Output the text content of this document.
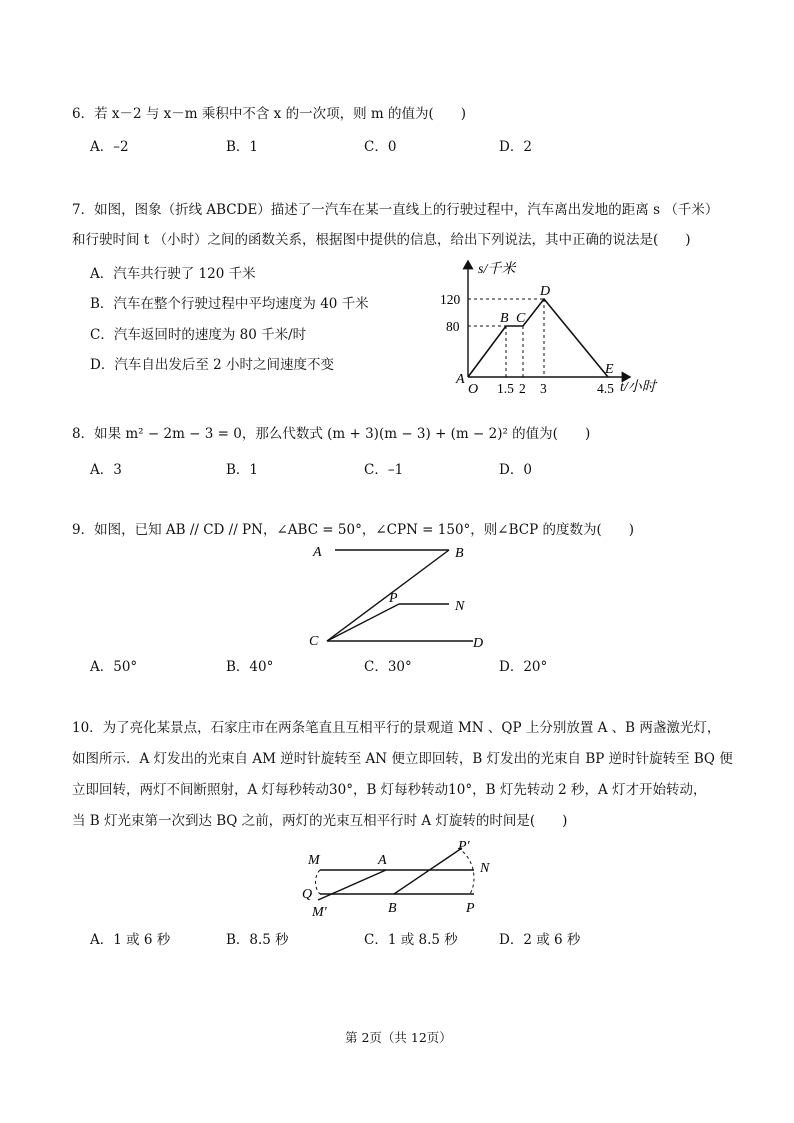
6．若 x－2 与 x－m 乘积中不含 x 的一次项，则 m 的值为(　　)
A．–2	B．1	C．0	D．2
7．如图，图象（折线 ABCDE）描述了一汽车在某一直线上的行驶过程中，汽车离出发地的距离 s （千米）
和行驶时间 t （小时）之间的函数关系，根据图中提供的信息，给出下列说法，其中正确的说法是(　　)
A．汽车共行驶了 120 千米
B．汽车在整个行驶过程中平均速度为 40 千米
C．汽车返回时的速度为 80 千米/时
D．汽车自出发后至 2 小时之间速度不变
s/千米
t/小时
120
80
1.5 2 3	4.5
O
A
B C
D
E
8．如果 m² − 2m − 3 = 0，那么代数式 (m + 3)(m − 3) + (m − 2)² 的值为(　　)
A．3	B．1	C．–1	D．0
9．如图，已知 AB // CD // PN，∠ABC = 50°，∠CPN = 150°，则∠BCP 的度数为(　　)
A	B
P
N
C	D
A．50°	B．40°	C．30°	D．20°
10．为了亮化某景点，石家庄市在两条笔直且互相平行的景观道 MN 、QP 上分别放置 A 、B 两盏激光灯，
如图所示．A 灯发出的光束自 AM 逆时针旋转至 AN 便立即回转，B 灯发出的光束自 BP 逆时针旋转至 BQ 便
立即回转，两灯不间断照射，A 灯每秒转动30°，B 灯每秒转动10°，B 灯先转动 2 秒，A 灯才开始转动，
当 B 灯光束第一次到达 BQ 之前，两灯的光束互相平行时 A 灯旋转的时间是(　　)
M	A
P′
N
Q
M′	B	P
A．1 或 6 秒	B．8.5 秒	C．1 或 8.5 秒	D．2 或 6 秒
第 2页（共 12页）
